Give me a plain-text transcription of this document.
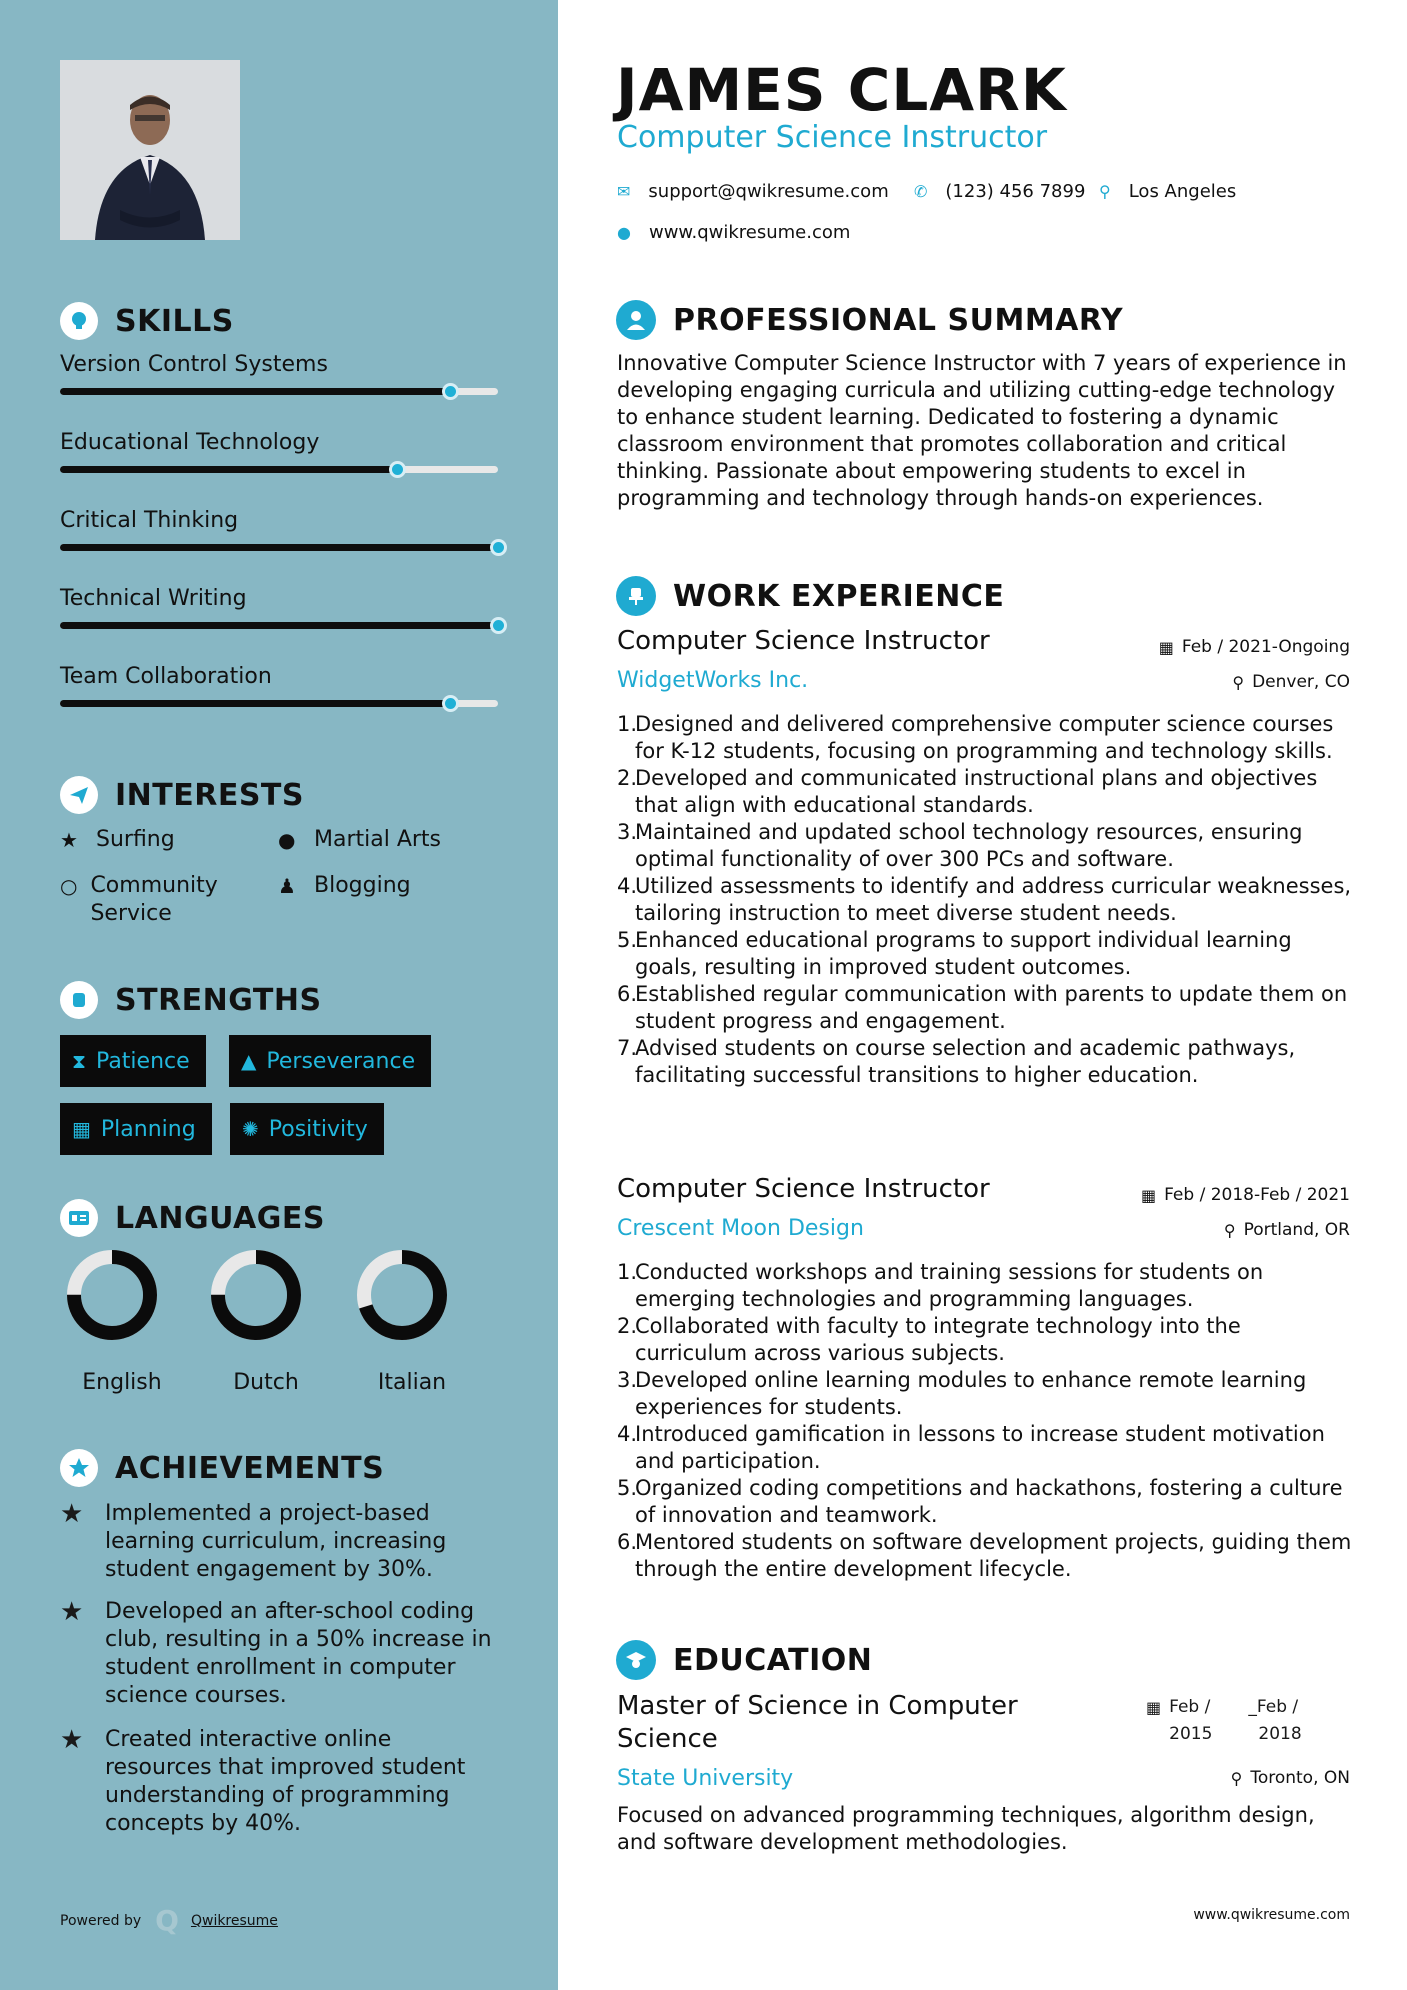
SKILLS
Version Control Systems
Educational Technology
Critical Thinking
Technical Writing
Team Collaboration
INTERESTS
★ Surfing	● Martial Arts
○ Community Service
♟ Blogging
STRENGTHS
⧗ Patience	▲ Perseverance
▦ Planning ✺ Positivity
LANGUAGES
English	Dutch	Italian
ACHIEVEMENTS
★ Implemented a project-based learning curriculum, increasing student engagement by 30%.
★ Developed an after-school coding club, resulting in a 50% increase in student enrollment in computer science courses.
★ Created interactive online resources that improved student understanding of programming concepts by 40%.
Powered by Q Qwikresume
JAMES CLARK
Computer Science Instructor
✉ support@qwikresume.com ✆ (123) 456 7899 ⚲ Los Angeles
● www.qwikresume.com
PROFESSIONAL SUMMARY
Innovative Computer Science Instructor with 7 years of experience in developing engaging curricula and utilizing cutting-edge technology to enhance student learning. Dedicated to fostering a dynamic classroom environment that promotes collaboration and critical thinking. Passionate about empowering students to excel in programming and technology through hands-on experiences.
WORK EXPERIENCE
Computer Science Instructor
WidgetWorks Inc.
▦ Feb / 2021-Ongoing
⚲ Denver, CO
1.
Designed and delivered comprehensive computer science courses for K-12 students, focusing on programming and technology skills.
2.
Developed and communicated instructional plans and objectives that align with educational standards.
3.
Maintained and updated school technology resources, ensuring optimal functionality of over 300 PCs and software.
4.
Utilized assessments to identify and address curricular weaknesses, tailoring instruction to meet diverse student needs.
5.
Enhanced educational programs to support individual learning goals, resulting in improved student outcomes.
6.
Established regular communication with parents to update them on student progress and engagement.
7.
Advised students on course selection and academic pathways, facilitating successful transitions to higher education.
Computer Science Instructor
Crescent Moon Design
▦ Feb / 2018-Feb / 2021
⚲ Portland, OR
1.
Conducted workshops and training sessions for students on emerging technologies and programming languages.
2.
Collaborated with faculty to integrate technology into the curriculum across various subjects.
3.
Developed online learning modules to enhance remote learning experiences for students.
4.
Introduced gamification in lessons to increase student motivation and participation.
5.
Organized coding competitions and hackathons, fostering a culture of innovation and teamwork.
6.
Mentored students on software development projects, guiding them through the entire development lifecycle.
EDUCATION
Master of Science in Computer Science
State University
▦ Feb /
2015
_Feb /
2018
⚲ Toronto, ON
Focused on advanced programming techniques, algorithm design, and software development methodologies.
www.qwikresume.com
